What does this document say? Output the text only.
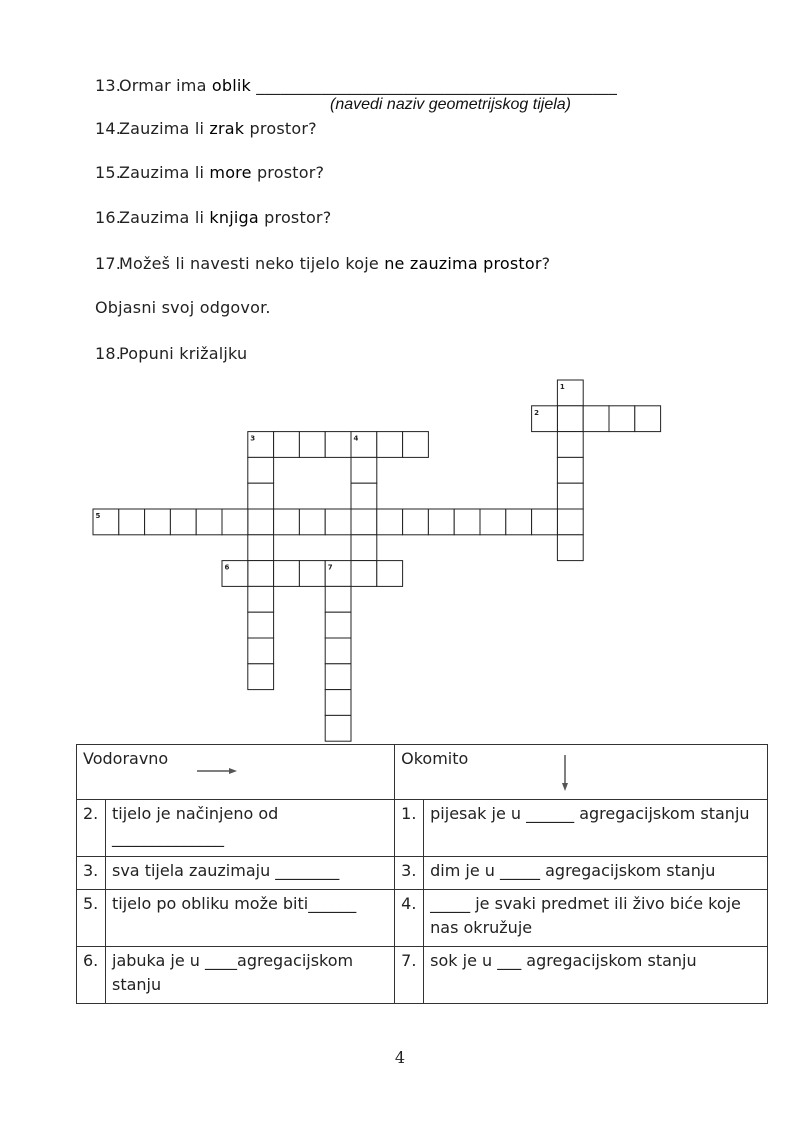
13.Ormar ima oblik ____________________________________________
(navedi naziv geometrijskog tijela)
14.Zauzima li zrak prostor?
15.Zauzima li more prostor?
16.Zauzima li knjiga prostor?
17.Možeš li navesti neko tijelo koje ne zauzima prostor?
Objasni svoj odgovor.
18.Popuni križaljku
1
2
3	4
5
6	7
Vodoravno		Okomito	

2.	tijelo je načinjeno od ______________	1.	pijesak je u ______ agregacijskom stanju
3.	sva tijela zauzimaju ________	3.	dim je u _____ agregacijskom stanju
5.	tijelo po obliku može biti______	4.	_____ je svaki predmet ili živo biće koje nas okružuje
6.	jabuka je u ____agregacijskom stanju	7.	sok je u ___ agregacijskom stanju
4
